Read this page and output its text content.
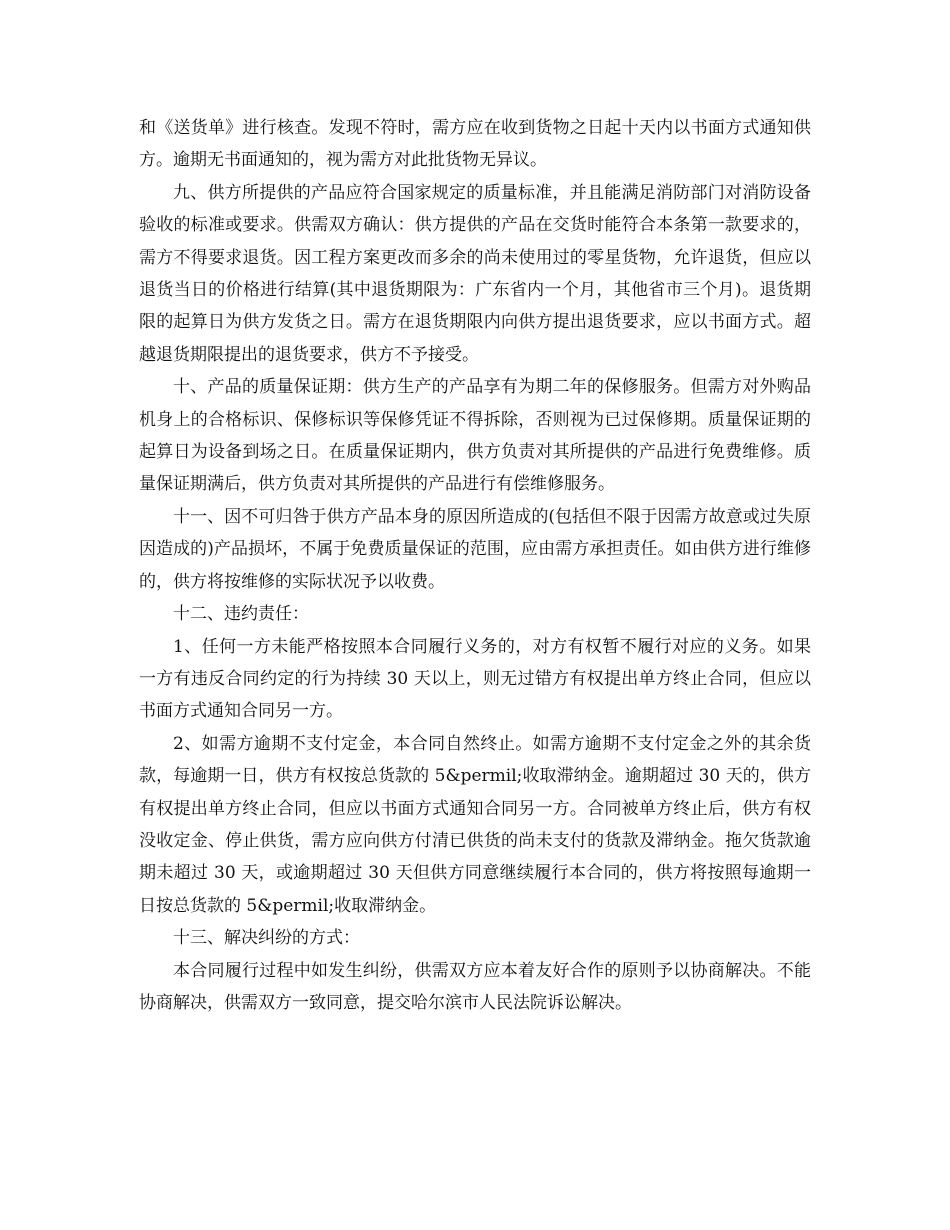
和《送货单》进行核查。发现不符时，需方应在收到货物之日起十天内以书面方式通知供方。逾期无书面通知的，视为需方对此批货物无异议。

九、供方所提供的产品应符合国家规定的质量标准，并且能满足消防部门对消防设备验收的标准或要求。供需双方确认：供方提供的产品在交货时能符合本条第一款要求的，需方不得要求退货。因工程方案更改而多余的尚未使用过的零星货物，允许退货，但应以退货当日的价格进行结算(其中退货期限为：广东省内一个月，其他省市三个月)。退货期限的起算日为供方发货之日。需方在退货期限内向供方提出退货要求，应以书面方式。超越退货期限提出的退货要求，供方不予接受。

十、产品的质量保证期：供方生产的产品享有为期二年的保修服务。但需方对外购品机身上的合格标识、保修标识等保修凭证不得拆除，否则视为已过保修期。质量保证期的起算日为设备到场之日。在质量保证期内，供方负责对其所提供的产品进行免费维修。质量保证期满后，供方负责对其所提供的产品进行有偿维修服务。

十一、因不可归咎于供方产品本身的原因所造成的(包括但不限于因需方故意或过失原因造成的)产品损坏，不属于免费质量保证的范围，应由需方承担责任。如由供方进行维修的，供方将按维修的实际状况予以收费。

十二、违约责任：

1、任何一方未能严格按照本合同履行义务的，对方有权暂不履行对应的义务。如果一方有违反合同约定的行为持续 30 天以上，则无过错方有权提出单方终止合同，但应以书面方式通知合同另一方。

2、如需方逾期不支付定金，本合同自然终止。如需方逾期不支付定金之外的其余货款，每逾期一日，供方有权按总货款的 5&permil;收取滞纳金。逾期超过 30 天的，供方有权提出单方终止合同，但应以书面方式通知合同另一方。合同被单方终止后，供方有权没收定金、停止供货，需方应向供方付清已供货的尚未支付的货款及滞纳金。拖欠货款逾期未超过 30 天，或逾期超过 30 天但供方同意继续履行本合同的，供方将按照每逾期一日按总货款的 5&permil;收取滞纳金。

十三、解决纠纷的方式：

本合同履行过程中如发生纠纷，供需双方应本着友好合作的原则予以协商解决。不能协商解决，供需双方一致同意，提交哈尔滨市人民法院诉讼解决。
